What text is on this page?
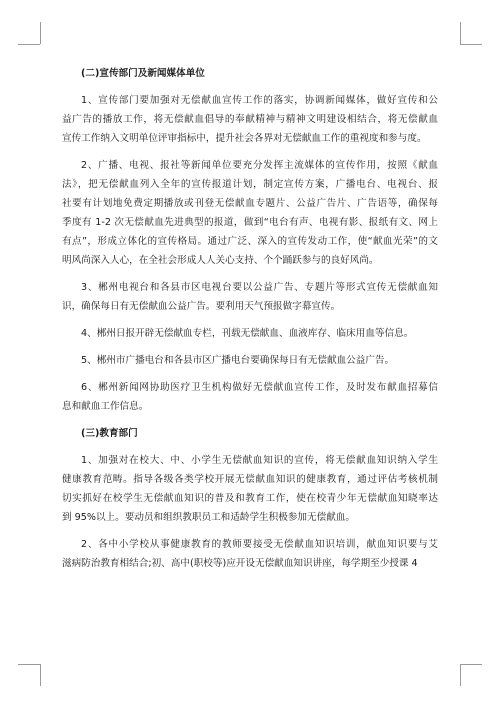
(二)宣传部门及新闻媒体单位
1、宣传部门要加强对无偿献血宣传工作的落实，协调新闻媒体，做好宣传和公
益广告的播放工作，将无偿献血倡导的奉献精神与精神文明建设相结合，将无偿献血
宣传工作纳入文明单位评审指标中，提升社会各界对无偿献血工作的重视度和参与度。
2、广播、电视、报社等新闻单位要充分发挥主流媒体的宣传作用，按照《献血
法》，把无偿献血列入全年的宣传报道计划，制定宣传方案，广播电台、电视台、报
社要有计划地免费定期播放或刊登无偿献血专题片、公益广告片、广告语等，确保每
季度有 1-2 次无偿献血先进典型的报道，做到“电台有声、电视有影、报纸有文、网上
有点”，形成立体化的宣传格局。通过广泛、深入的宣传发动工作，使“献血光荣”的文
明风尚深入人心，在全社会形成人人关心支持、个个踊跃参与的良好风尚。
3、郴州电视台和各县市区电视台要以公益广告、专题片等形式宣传无偿献血知
识，确保每日有无偿献血公益广告。要利用天气预报做字幕宣传。
4、郴州日报开辟无偿献血专栏，刊载无偿献血、血液库存、临床用血等信息。
5、郴州市广播电台和各县市区广播电台要确保每日有无偿献血公益广告。
6、郴州新闻网协助医疗卫生机构做好无偿献血宣传工作，及时发布献血招募信
息和献血工作信息。
(三)教育部门
1、加强对在校大、中、小学生无偿献血知识的宣传，将无偿献血知识纳入学生
健康教育范畴。指导各级各类学校开展无偿献血知识的健康教育，通过评估考核机制
切实抓好在校学生无偿献血知识的普及和教育工作，使在校青少年无偿献血知晓率达
到 95%以上。要动员和组织教职员工和适龄学生积极参加无偿献血。
2、各中小学校从事健康教育的教师要接受无偿献血知识培训，献血知识要与艾
滋病防治教育相结合;初、高中(职校等)应开设无偿献血知识讲座，每学期至少授课 4
